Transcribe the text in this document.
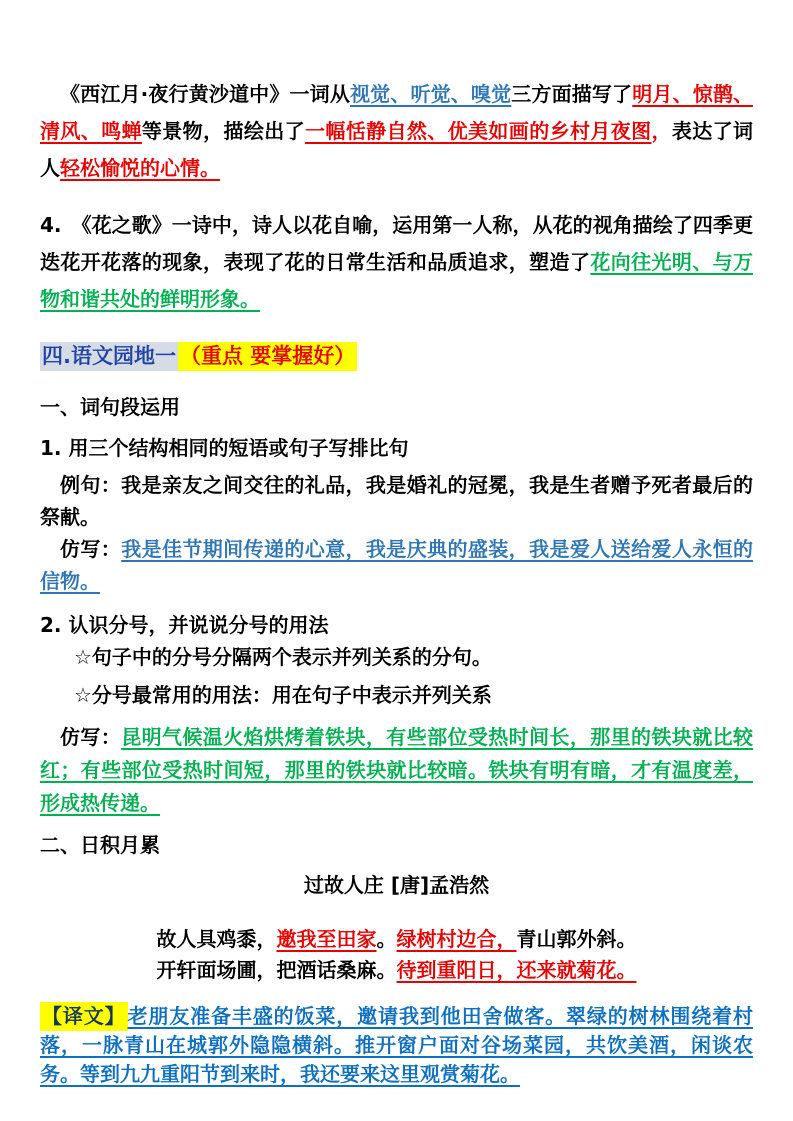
《西江月·夜行黄沙道中》一词从视觉、听觉、嗅觉三方面描写了明月、惊鹊、清风、鸣蝉等景物，描绘出了一幅恬静自然、优美如画的乡村月夜图，表达了词人轻松愉悦的心情。

4.　《花之歌》一诗中，诗人以花自喻，运用第一人称，从花的视角描绘了四季更迭花开花落的现象，表现了花的日常生活和品质追求，塑造了花向往光明、与万物和谐共处的鲜明形象。

四.语文园地一 （重点 要掌握好）

一、词句段运用

1. 用三个结构相同的短语或句子写排比句

例句：我是亲友之间交往的礼品，我是婚礼的冠冕，我是生者赠予死者最后的祭献。

仿写：我是佳节期间传递的心意，我是庆典的盛装，我是爱人送给爱人永恒的信物。

2. 认识分号，并说说分号的用法

☆句子中的分号分隔两个表示并列关系的分句。

☆分号最常用的用法：用在句子中表示并列关系

仿写：昆明气候温火焰烘烤着铁块，有些部位受热时间长，那里的铁块就比较红；有些部位受热时间短，那里的铁块就比较暗。铁块有明有暗，才有温度差，形成热传递。

二、日积月累

过故人庄 [唐]孟浩然

故人具鸡黍，邀我至田家。绿树村边合，青山郭外斜。

开轩面场圃，把酒话桑麻。待到重阳日，还来就菊花。

【译文】 老朋友准备丰盛的饭菜，邀请我到他田舍做客。翠绿的树林围绕着村落，一脉青山在城郭外隐隐横斜。推开窗户面对谷场菜园，共饮美酒，闲谈农务。等到九九重阳节到来时，我还要来这里观赏菊花。
